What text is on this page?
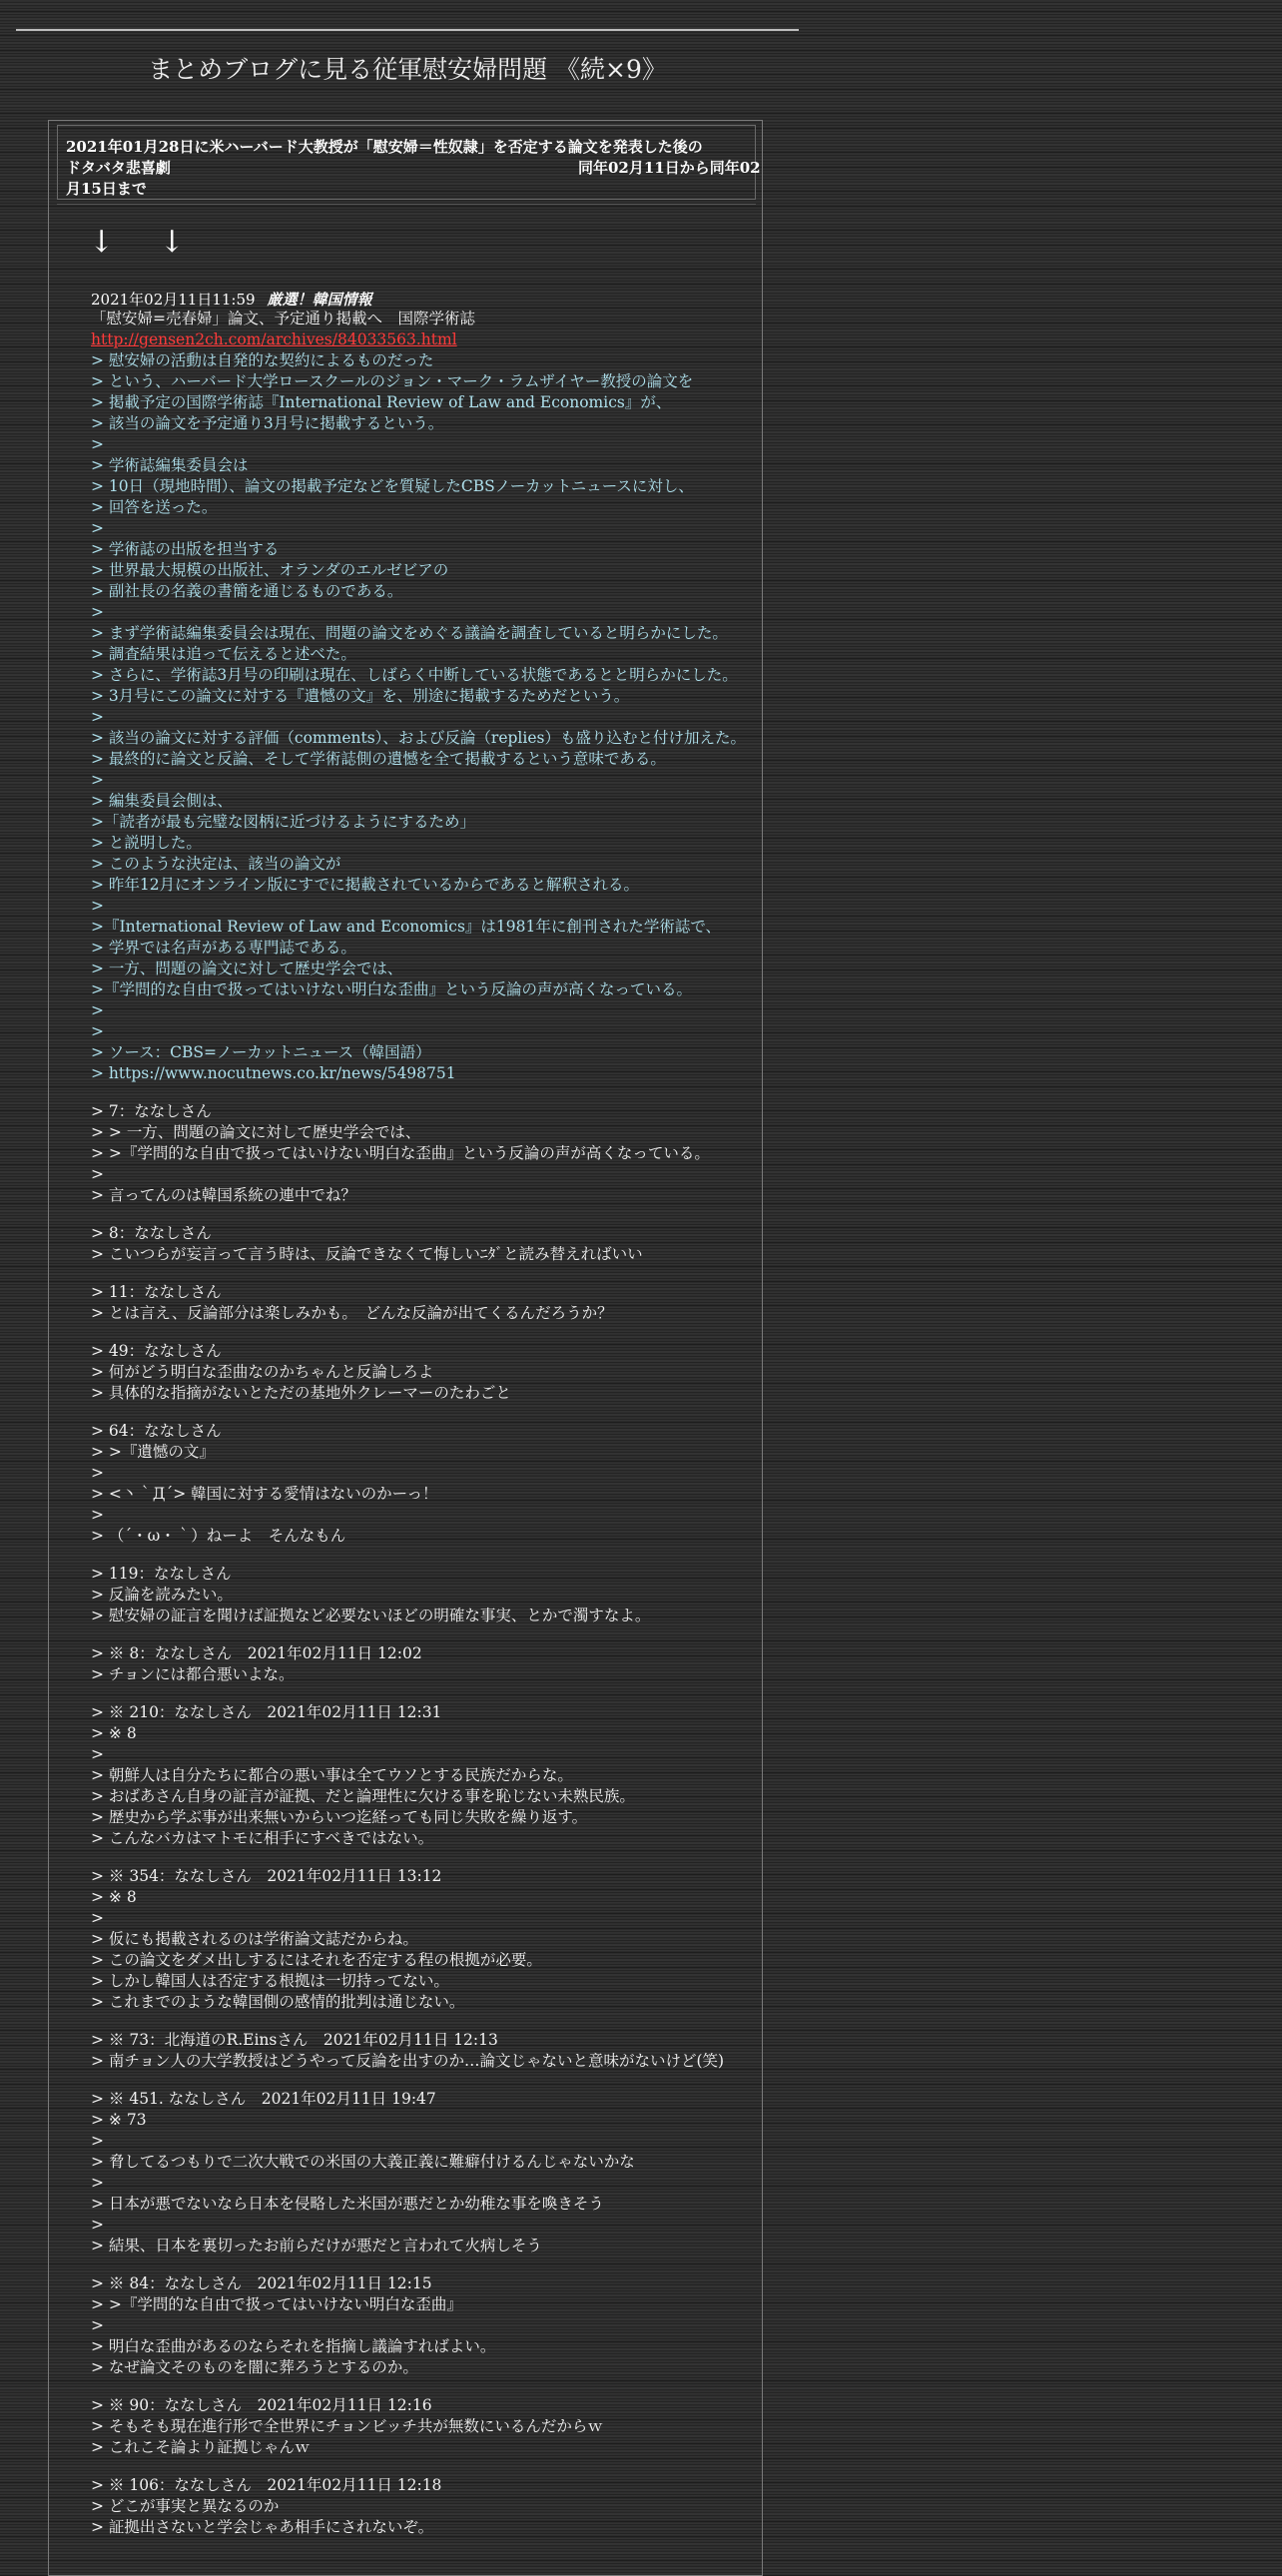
まとめブログに見る従軍慰安婦問題 《続×9》
2021年01月28日に米ハーバード大教授が「慰安婦＝性奴隷」を否定する論文を発表した後の
ドタバタ悲喜劇	同年02月11日から同年02
月15日まで
↓ ↓
2021年02月11日11:59 厳選！韓国情報
「慰安婦=売春婦」論文、予定通り掲載へ　国際学術誌
http://gensen2ch.com/archives/84033563.html
> 慰安婦の活動は自発的な契約によるものだった
> という、ハーバード大学ロースクールのジョン・マーク・ラムザイヤー教授の論文を
> 掲載予定の国際学術誌『International Review of Law and Economics』が、
> 該当の論文を予定通り3月号に掲載するという。
>
> 学術誌編集委員会は
> 10日（現地時間）、論文の掲載予定などを質疑したCBSノーカットニュースに対し、
> 回答を送った。
>
> 学術誌の出版を担当する
> 世界最大規模の出版社、オランダのエルゼビアの
> 副社長の名義の書簡を通じるものである。
>
> まず学術誌編集委員会は現在、問題の論文をめぐる議論を調査していると明らかにした。
> 調査結果は追って伝えると述べた。
> さらに、学術誌3月号の印刷は現在、しばらく中断している状態であるとと明らかにした。
> 3月号にこの論文に対する『遺憾の文』を、別途に掲載するためだという。
>
> 該当の論文に対する評価（comments）、および反論（replies）も盛り込むと付け加えた。
> 最終的に論文と反論、そして学術誌側の遺憾を全て掲載するという意味である。
>
> 編集委員会側は、
>「読者が最も完璧な図柄に近づけるようにするため」
> と説明した。
> このような決定は、該当の論文が
> 昨年12月にオンライン版にすでに掲載されているからであると解釈される。
>
>『International Review of Law and Economics』は1981年に創刊された学術誌で、
> 学界では名声がある専門誌である。
> 一方、問題の論文に対して歴史学会では、
>『学問的な自由で扱ってはいけない明白な歪曲』という反論の声が高くなっている。
>
>
> ソース：CBS=ノーカットニュース（韓国語）
> https://www.nocutnews.co.kr/news/5498751
> 7：ななしさん
> > 一方、問題の論文に対して歴史学会では、
> >『学問的な自由で扱ってはいけない明白な歪曲』という反論の声が高くなっている。
>
> 言ってんのは韓国系統の連中でね？
> 8：ななしさん
> こいつらが妄言って言う時は、反論できなくて悔しいﾆﾀﾞと読み替えればいい
> 11：ななしさん
> とは言え、反論部分は楽しみかも。　どんな反論が出てくるんだろうか？
> 49：ななしさん
> 何がどう明白な歪曲なのかちゃんと反論しろよ
> 具体的な指摘がないとただの基地外クレーマーのたわごと
> 64：ななしさん
> >『遺憾の文』
>
> <丶｀Д´> 韓国に対する愛情はないのかーっ！
>
> （´・ω・｀）ねーよ　そんなもん
> 119：ななしさん
> 反論を読みたい。
> 慰安婦の証言を聞けば証拠など必要ないほどの明確な事実、とかで濁すなよ。
> ※ 8：ななしさん　2021年02月11日 12:02
> チョンには都合悪いよな。
> ※ 210：ななしさん　2021年02月11日 12:31
> ※ 8
>
> 朝鮮人は自分たちに都合の悪い事は全てウソとする民族だからな。
> おばあさん自身の証言が証拠、だと論理性に欠ける事を恥じない未熟民族。
> 歴史から学ぶ事が出来無いからいつ迄経っても同じ失敗を繰り返す。
> こんなバカはマトモに相手にすべきではない。
> ※ 354：ななしさん　2021年02月11日 13:12
> ※ 8
>
> 仮にも掲載されるのは学術論文誌だからね。
> この論文をダメ出しするにはそれを否定する程の根拠が必要。
> しかし韓国人は否定する根拠は一切持ってない。
> これまでのような韓国側の感情的批判は通じない。
> ※ 73：北海道のR.Einsさん　2021年02月11日 12:13
> 南チョン人の大学教授はどうやって反論を出すのか…論文じゃないと意味がないけど(笑)
> ※ 451. ななしさん　2021年02月11日 19:47
> ※ 73
>
> 脅してるつもりで二次大戦での米国の大義正義に難癖付けるんじゃないかな
>
> 日本が悪でないなら日本を侵略した米国が悪だとか幼稚な事を喚きそう
>
> 結果、日本を裏切ったお前らだけが悪だと言われて火病しそう
> ※ 84：ななしさん　2021年02月11日 12:15
> >『学問的な自由で扱ってはいけない明白な歪曲』
>
> 明白な歪曲があるのならそれを指摘し議論すればよい。
> なぜ論文そのものを闇に葬ろうとするのか。
> ※ 90：ななしさん　2021年02月11日 12:16
> そもそも現在進行形で全世界にチョンビッチ共が無数にいるんだからｗ
> これこそ論より証拠じゃんｗ
> ※ 106：ななしさん　2021年02月11日 12:18
> どこが事実と異なるのか
> 証拠出さないと学会じゃあ相手にされないぞ。
